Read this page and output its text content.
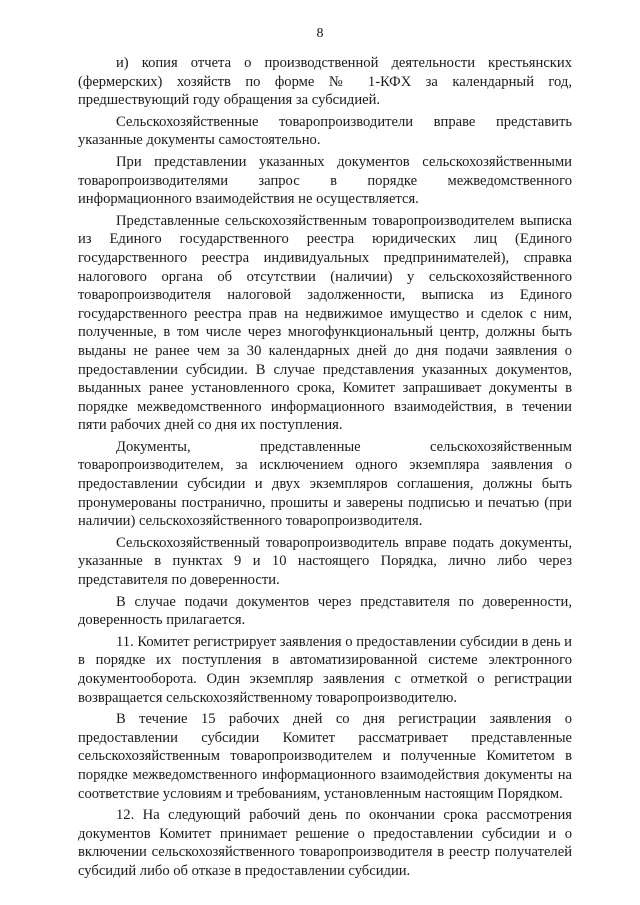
8

и) копия отчета о производственной деятельности крестьянских (фермерских) хозяйств по форме № 1-КФХ за календарный год, предшествующий году обращения за субсидией.

Сельскохозяйственные товаропроизводители вправе представить указанные документы самостоятельно.

При представлении указанных документов сельскохозяйственными товаропроизводителями запрос в порядке межведомственного информационного взаимодействия не осуществляется.

Представленные сельскохозяйственным товаропроизводителем выписка из Единого государственного реестра юридических лиц (Единого государственного реестра индивидуальных предпринимателей), справка налогового органа об отсутствии (наличии) у сельскохозяйственного товаропроизводителя налоговой задолженности, выписка из Единого государственного реестра прав на недвижимое имущество и сделок с ним, полученные, в том числе через многофункциональный центр, должны быть выданы не ранее чем за 30 календарных дней до дня подачи заявления о предоставлении субсидии. В случае представления указанных документов, выданных ранее установленного срока, Комитет запрашивает документы в порядке межведомственного информационного взаимодействия, в течении пяти рабочих дней со дня их поступления.

Документы, представленные сельскохозяйственным товаропроизводителем, за исключением одного экземпляра заявления о предоставлении субсидии и двух экземпляров соглашения, должны быть пронумерованы постранично, прошиты и заверены подписью и печатью (при наличии) сельскохозяйственного товаропроизводителя.

Сельскохозяйственный товаропроизводитель вправе подать документы, указанные в пунктах 9 и 10 настоящего Порядка, лично либо через представителя по доверенности.

В случае подачи документов через представителя по доверенности, доверенность прилагается.

11. Комитет регистрирует заявления о предоставлении субсидии в день и в порядке их поступления в автоматизированной системе электронного документооборота. Один экземпляр заявления с отметкой о регистрации возвращается сельскохозяйственному товаропроизводителю.

В течение 15 рабочих дней со дня регистрации заявления о предоставлении субсидии Комитет рассматривает представленные сельскохозяйственным товаропроизводителем и полученные Комитетом в порядке межведомственного информационного взаимодействия документы на соответствие условиям и требованиям, установленным настоящим Порядком.

12. На следующий рабочий день по окончании срока рассмотрения документов Комитет принимает решение о предоставлении субсидии и о включении сельскохозяйственного товаропроизводителя в реестр получателей субсидий либо об отказе в предоставлении субсидии.
